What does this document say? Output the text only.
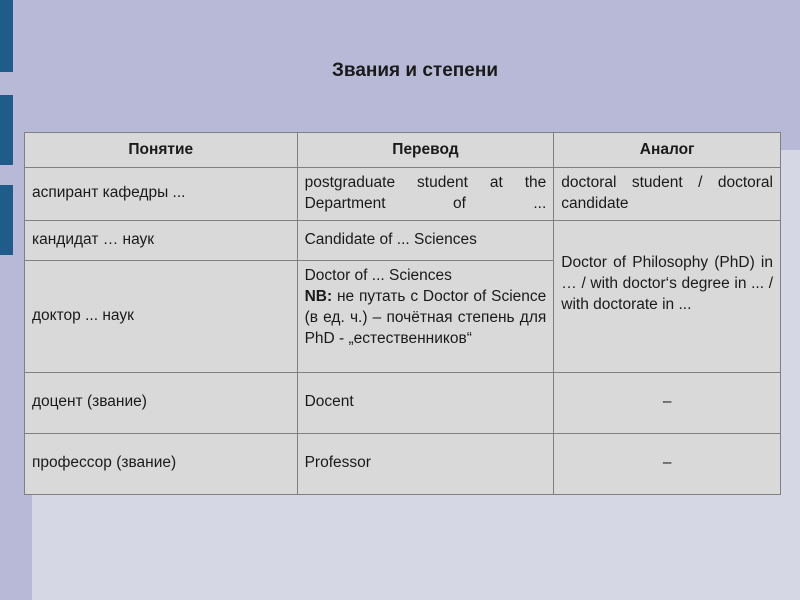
Звания и степени
Понятие	Перевод	Аналог
аспирант кафедры ...	postgraduate student at the Department of ...	doctoral student / doctoral candidate
кандидат … наук	Candidate of ... Sciences	Doctor of Philosophy (PhD) in … / with doctor‘s degree in ... / with doctorate in ...
доктор ... наук	Doctor of ... Sciences
NB: не путать с Doctor of Science (в ед. ч.) – почётная степень для PhD - „естественников“	

доцент (звание)	Docent	–
профессор (звание)	Professor	–
